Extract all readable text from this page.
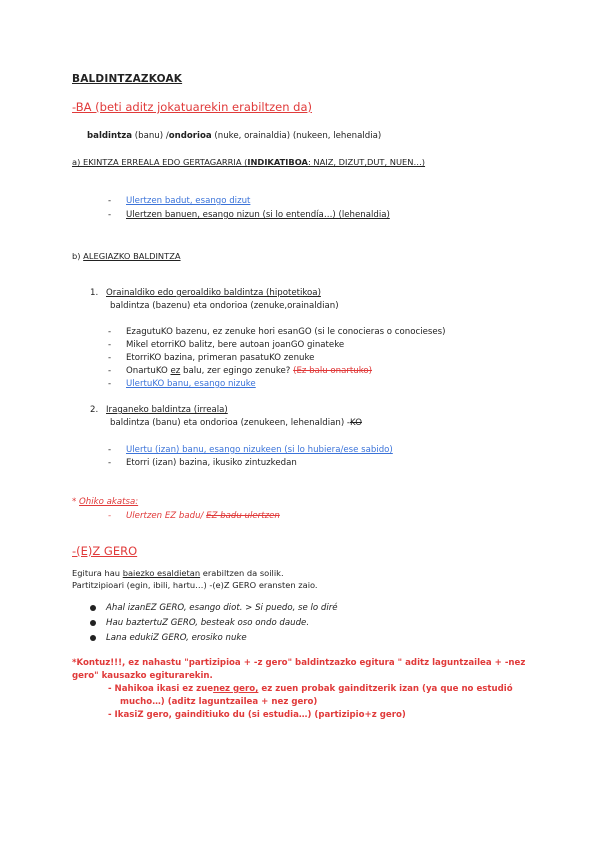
BALDINTZAZKOAK
-BA (beti aditz jokatuarekin erabiltzen da)
baldintza (banu) /ondorioa (nuke, orainaldia) (nukeen, lehenaldia)
a) EKINTZA ERREALA EDO GERTAGARRIA (INDIKATIBOA: NAIZ, DIZUT,DUT, NUEN…)
- Ulertzen badut, esango dizut
- Ulertzen banuen, esango nizun (si lo entendía…) (lehenaldia)
b) ALEGIAZKO BALDINTZA
1. Orainaldiko edo geroaldiko baldintza (hipotetikoa)
baldintza (bazenu) eta ondorioa (zenuke,orainaldian)
- EzagutuKO bazenu, ez zenuke hori esanGO (si le conocieras o conocieses)
- Mikel etorriKO balitz, bere autoan joanGO ginateke
- EtorriKO bazina, primeran pasatuKO zenuke
- OnartuKO ez balu, zer egingo zenuke? (Ez balu onartuko)
- UlertuKO banu, esango nizuke
2. Iraganeko baldintza (irreala)
baldintza (banu) eta ondorioa (zenukeen, lehenaldian) -KO
- Ulertu (izan) banu, esango nizukeen (si lo hubiera/ese sabido)
- Etorri (izan) bazina, ikusiko zintuzkedan
* Ohiko akatsa:
- Ulertzen EZ badu/ EZ badu ulertzen
-(E)Z GERO
Egitura hau baiezko esaldietan erabiltzen da soilik.
Partitzipioari (egin, ibili, hartu…) -(e)Z GERO eransten zaio.
Ahal izanEZ GERO, esango diot. > Si puedo, se lo diré
Hau baztertuZ GERO, besteak oso ondo daude.
Lana edukiZ GERO, erosiko nuke
*Kontuz!!!, ez nahastu "partizipioa + -z gero" baldintzazko egitura " aditz laguntzailea + -nez
gero" kausazko egiturarekin.
- Nahikoa ikasi ez zuenez gero, ez zuen probak gainditzerik izan (ya que no estudió
mucho…) (aditz laguntzailea + nez gero)
- IkasiZ gero, gainditiuko du (si estudia…) (partizipio+z gero)
